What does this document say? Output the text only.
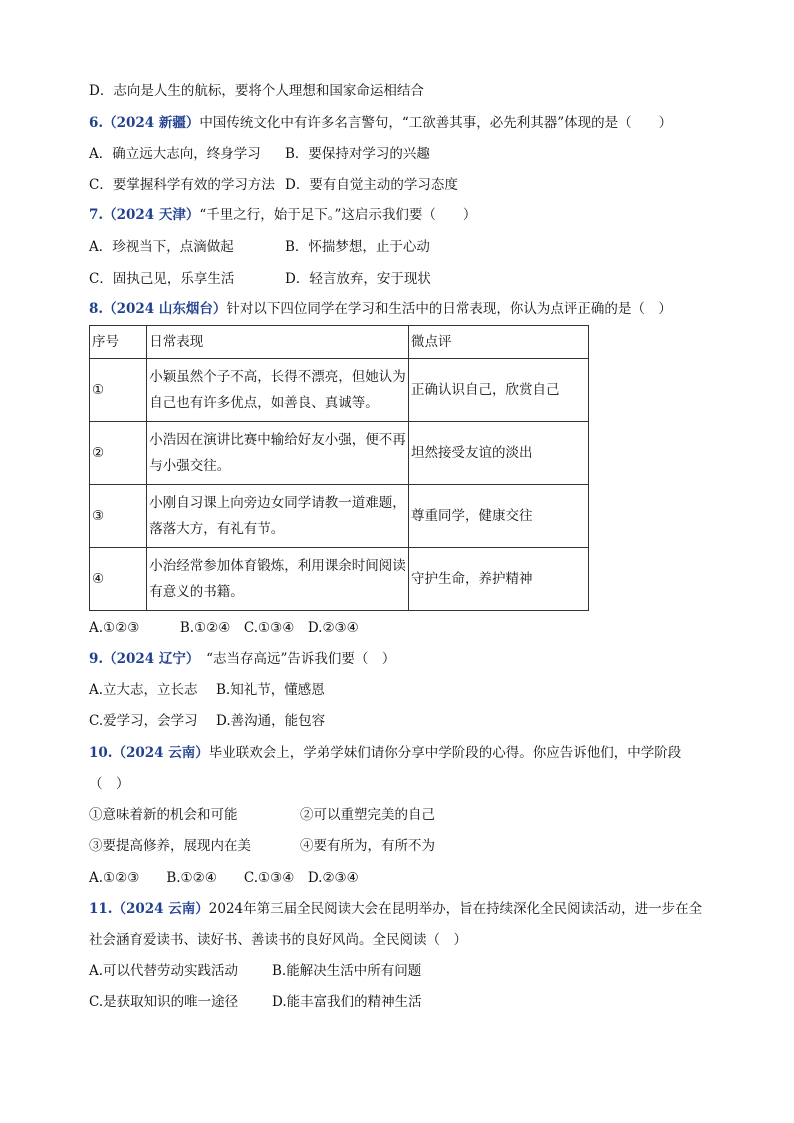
D．志向是人生的航标，要将个人理想和国家命运相结合
6.（2024 新疆）中国传统文化中有许多名言警句，“工欲善其事，必先利其器”体现的是（　　）
A．确立远大志向，终身学习 B．要保持对学习的兴趣
C．要掌握科学有效的学习方法 D．要有自觉主动的学习态度
7.（2024 天津）“千里之行，始于足下。”这启示我们要（　　）
A．珍视当下，点滴做起	B．怀揣梦想，止于心动
C．固执己见，乐享生活	D．轻言放弃，安于现状
8.（2024 山东烟台）针对以下四位同学在学习和生活中的日常表现，你认为点评正确的是（　）
序号	日常表现	微点评
①	小颖虽然个子不高，长得不漂亮，但她认为自己也有许多优点，如善良、真诚等。	正确认识自己，欣赏自己
②	小浩因在演讲比赛中输给好友小强，便不再与小强交往。	坦然接受友谊的淡出
③	小刚自习课上向旁边女同学请教一道难题，落落大方，有礼有节。	尊重同学，健康交往
④	小治经常参加体育锻炼，利用课余时间阅读有意义的书籍。	守护生命，养护精神
A.①②③　　　B.①②④　C.①③④　D.②③④
9.（2024 辽宁）　“志当存高远”告诉我们要（　）
A.立大志，立长志 B.知礼节，懂感恩
C.爱学习，会学习 D.善沟通，能包容
10.（2024 云南）毕业联欢会上，学弟学妹们请你分享中学阶段的心得。你应告诉他们，中学阶段
（　）
①意味着新的机会和可能	②可以重塑完美的自己
③要提高修养，展现内在美	④要有所为，有所不为
A.①②③　　B.①②④　　C.①③④　D.②③④
11.（2024 云南）2024年第三届全民阅读大会在昆明举办，旨在持续深化全民阅读活动，进一步在全
社会涵育爱读书、读好书、善读书的良好风尚。全民阅读（　）
A.可以代替劳动实践活动	B.能解决生活中所有问题
C.是获取知识的唯一途径	D.能丰富我们的精神生活
